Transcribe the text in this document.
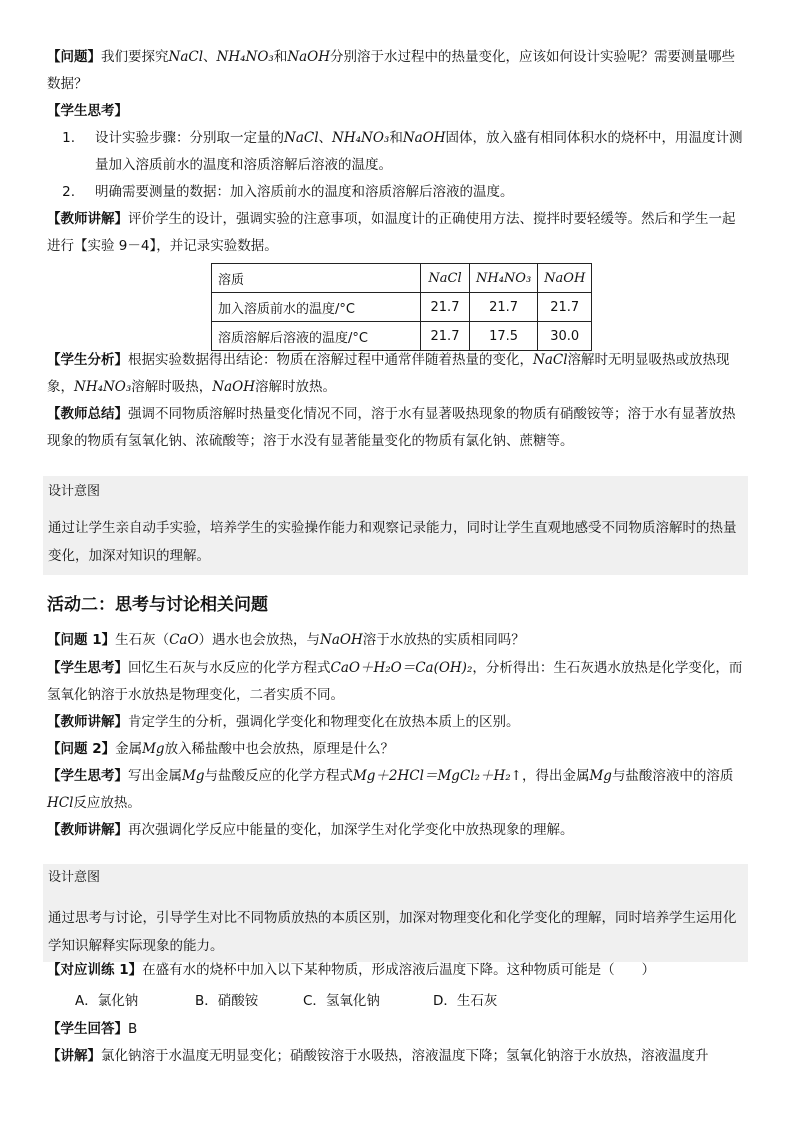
【问题】我们要探究NaCl、NH₄NO₃和NaOH分别溶于水过程中的热量变化，应该如何设计实验呢？需要测量哪些数据？
【学生思考】
1. 设计实验步骤：分别取一定量的NaCl、NH₄NO₃和NaOH固体，放入盛有相同体积水的烧杯中，用温度计测量加入溶质前水的温度和溶质溶解后溶液的温度。
2. 明确需要测量的数据：加入溶质前水的温度和溶质溶解后溶液的温度。
【教师讲解】评价学生的设计，强调实验的注意事项，如温度计的正确使用方法、搅拌时要轻缓等。然后和学生一起进行【实验 9－4】，并记录实验数据。
溶质	NaCl	NH₄NO₃	NaOH
加入溶质前水的温度/°C	21.7	21.7	21.7
溶质溶解后溶液的温度/°C	21.7	17.5	30.0
【学生分析】根据实验数据得出结论：物质在溶解过程中通常伴随着热量的变化，NaCl溶解时无明显吸热或放热现象，NH₄NO₃溶解时吸热，NaOH溶解时放热。
【教师总结】强调不同物质溶解时热量变化情况不同，溶于水有显著吸热现象的物质有硝酸铵等；溶于水有显著放热现象的物质有氢氧化钠、浓硫酸等；溶于水没有显著能量变化的物质有氯化钠、蔗糖等。
设计意图
通过让学生亲自动手实验，培养学生的实验操作能力和观察记录能力，同时让学生直观地感受不同物质溶解时的热量变化，加深对知识的理解。
活动二：思考与讨论相关问题
【问题 1】生石灰（CaO）遇水也会放热，与NaOH溶于水放热的实质相同吗？
【学生思考】回忆生石灰与水反应的化学方程式CaO＋H₂O＝Ca(OH)₂，分析得出：生石灰遇水放热是化学变化，而氢氧化钠溶于水放热是物理变化，二者实质不同。
【教师讲解】肯定学生的分析，强调化学变化和物理变化在放热本质上的区别。
【问题 2】金属Mg放入稀盐酸中也会放热，原理是什么？
【学生思考】写出金属Mg与盐酸反应的化学方程式Mg＋2HCl＝MgCl₂＋H₂↑，得出金属Mg与盐酸溶液中的溶质HCl反应放热。
【教师讲解】再次强调化学反应中能量的变化，加深学生对化学变化中放热现象的理解。
设计意图
通过思考与讨论，引导学生对比不同物质放热的本质区别，加深对物理变化和化学变化的理解，同时培养学生运用化学知识解释实际现象的能力。
【对应训练 1】在盛有水的烧杯中加入以下某种物质，形成溶液后温度下降。这种物质可能是（　　）
A．氯化钠	B．硝酸铵	C．氢氧化钠	D．生石灰
【学生回答】B
【讲解】氯化钠溶于水温度无明显变化；硝酸铵溶于水吸热，溶液温度下降；氢氧化钠溶于水放热，溶液温度升
